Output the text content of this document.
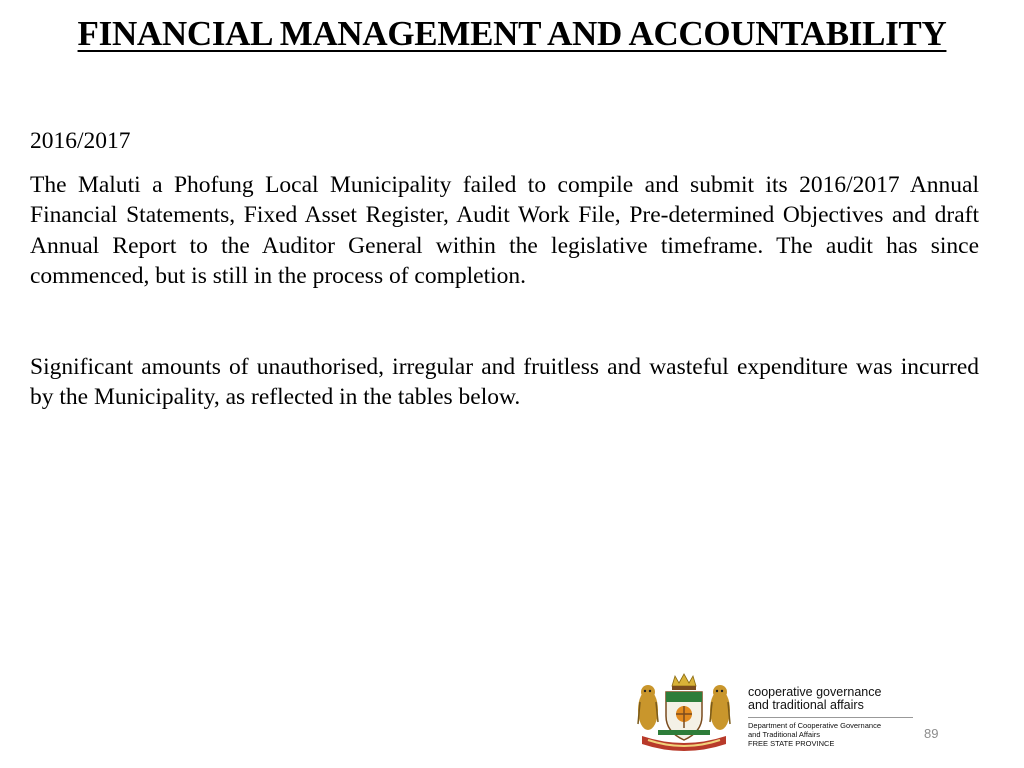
FINANCIAL MANAGEMENT AND ACCOUNTABILITY

2016/2017

The Maluti a Phofung Local Municipality failed to compile and submit its 2016/2017 Annual Financial Statements, Fixed Asset Register, Audit Work File, Pre-determined Objectives and draft Annual Report to the Auditor General within the legislative timeframe. The audit has since commenced, but is still in the process of completion.

Significant amounts of unauthorised, irregular and fruitless and wasteful expenditure was incurred by the Municipality, as reflected in the tables below.

cooperative governance
and traditional affairs
Department of Cooperative Governance
and Traditional Affairs
FREE STATE PROVINCE
89
